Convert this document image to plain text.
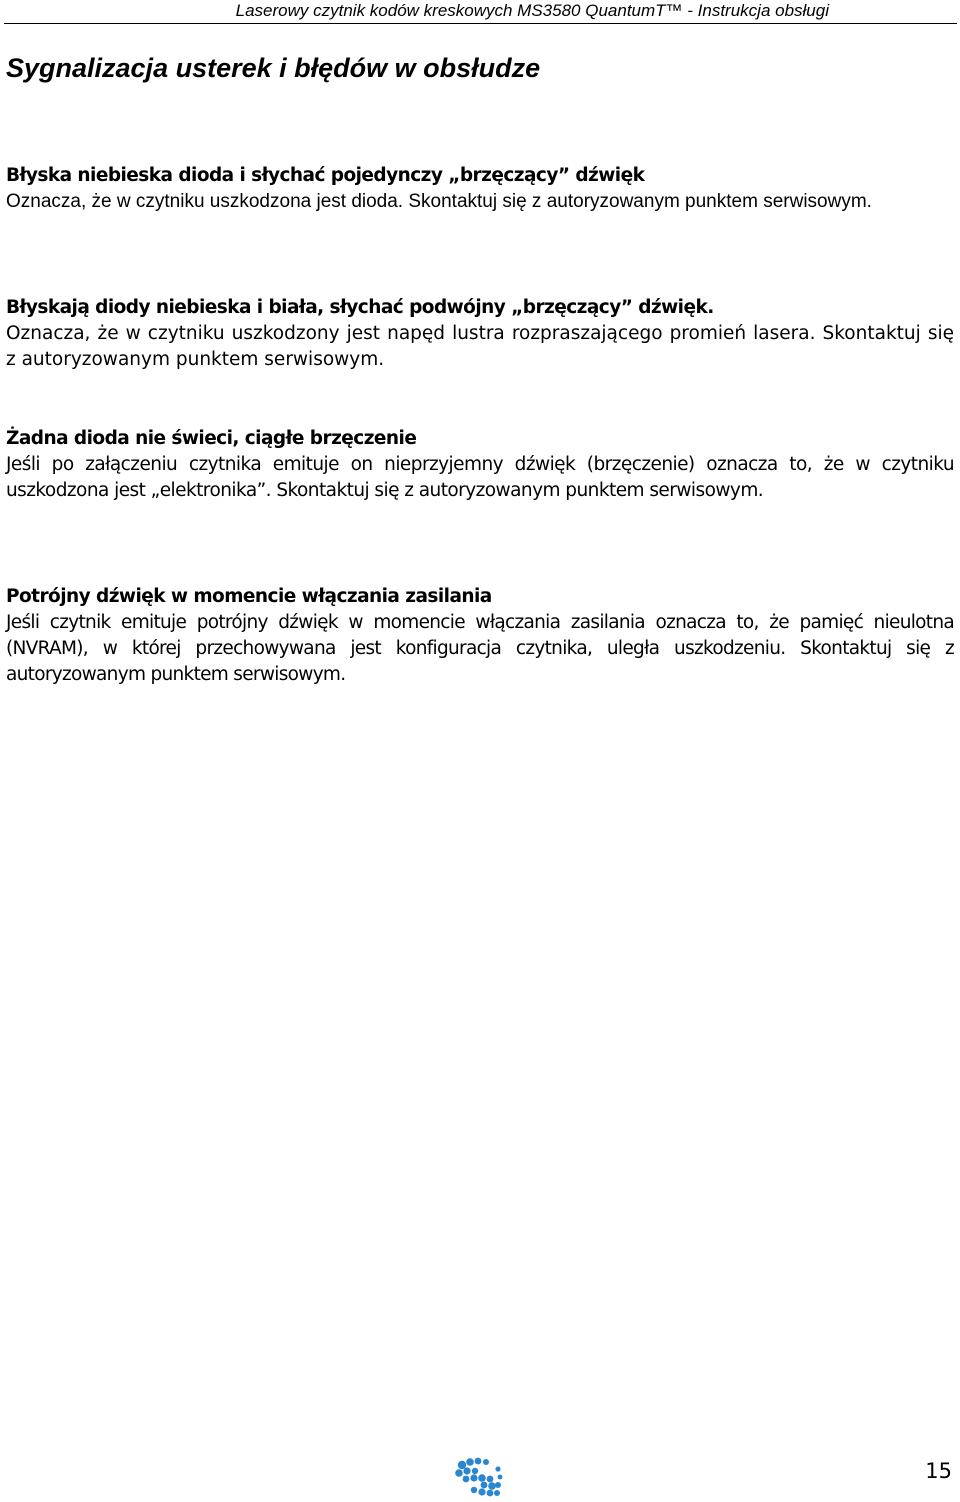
Laserowy czytnik kodów kreskowych MS3580 QuantumT™ - Instrukcja obsługi
Sygnalizacja usterek i błędów w obsłudze

Błyska niebieska dioda i słychać pojedynczy „brzęczący” dźwięk

Oznacza, że w czytniku uszkodzona jest dioda. Skontaktuj się z autoryzowanym punktem serwisowym.

Błyskają diody niebieska i biała, słychać podwójny „brzęczący” dźwięk.

Oznacza, że w czytniku uszkodzony jest napęd lustra rozpraszającego promień lasera. Skontaktuj się z autoryzowanym punktem serwisowym.

Żadna dioda nie świeci, ciągłe brzęczenie

Jeśli po załączeniu czytnika emituje on nieprzyjemny dźwięk (brzęczenie) oznacza to, że w czytniku uszkodzona jest „elektronika”. Skontaktuj się z autoryzowanym punktem serwisowym.

Potrójny dźwięk w momencie włączania zasilania

Jeśli czytnik emituje potrójny dźwięk w momencie włączania zasilania oznacza to, że pamięć nieulotna (NVRAM), w której przechowywana jest konfiguracja czytnika, uległa uszkodzeniu. Skontaktuj się z autoryzowanym punktem serwisowym.

15
